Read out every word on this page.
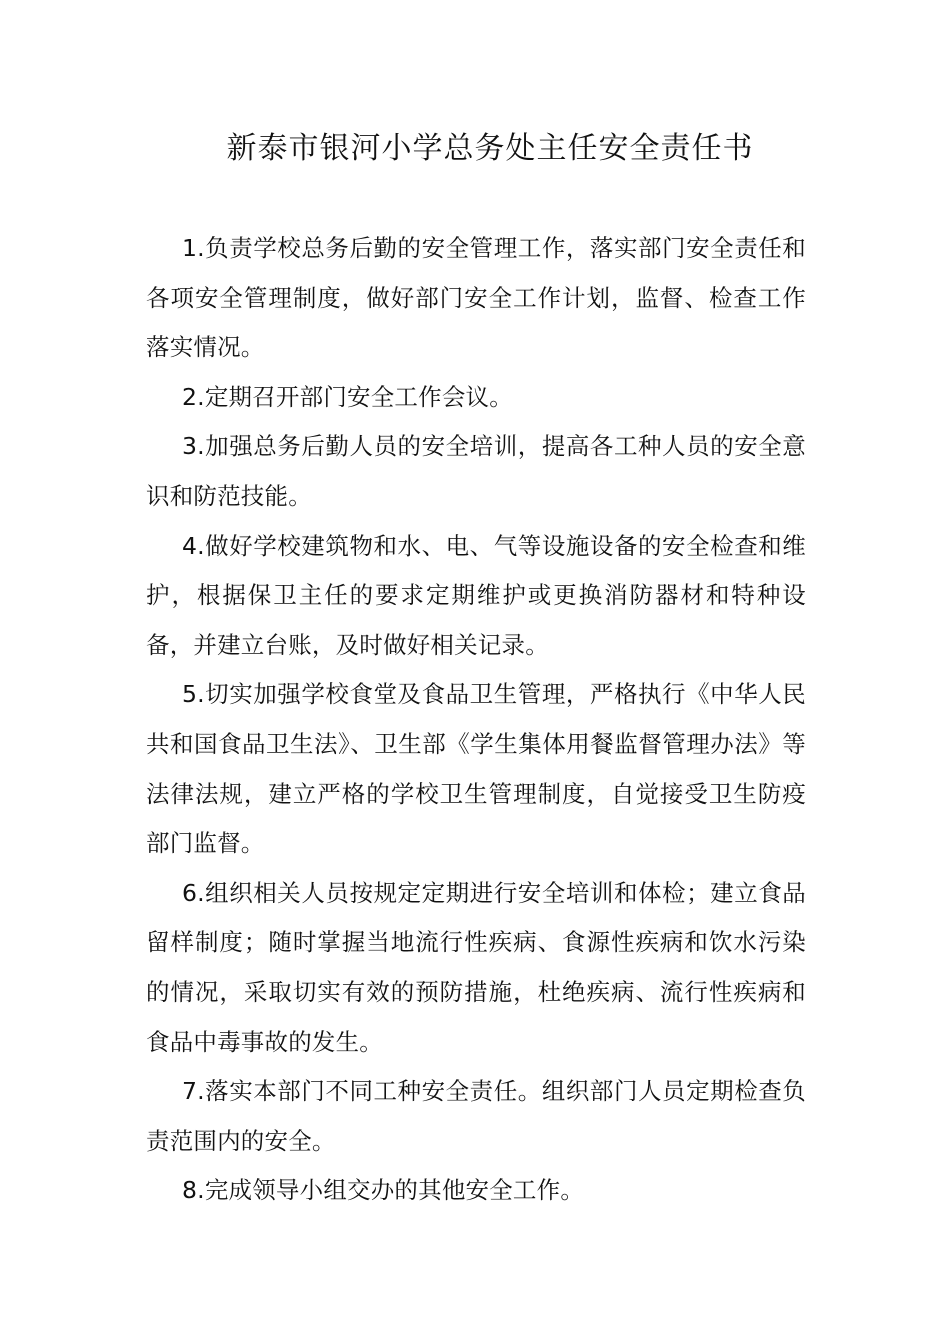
新泰市银河小学总务处主任安全责任书

1.负责学校总务后勤的安全管理工作，落实部门安全责任和各项安全管理制度，做好部门安全工作计划，监督、检查工作落实情况。

2.定期召开部门安全工作会议。

3.加强总务后勤人员的安全培训，提高各工种人员的安全意识和防范技能。

4.做好学校建筑物和水、电、气等设施设备的安全检查和维护，根据保卫主任的要求定期维护或更换消防器材和特种设备，并建立台账，及时做好相关记录。

5.切实加强学校食堂及食品卫生管理，严格执行《中华人民共和国食品卫生法》、卫生部《学生集体用餐监督管理办法》等法律法规，建立严格的学校卫生管理制度，自觉接受卫生防疫部门监督。

6.组织相关人员按规定定期进行安全培训和体检；建立食品留样制度；随时掌握当地流行性疾病、食源性疾病和饮水污染的情况，采取切实有效的预防措施，杜绝疾病、流行性疾病和食品中毒事故的发生。

7.落实本部门不同工种安全责任。组织部门人员定期检查负责范围内的安全。

8.完成领导小组交办的其他安全工作。
